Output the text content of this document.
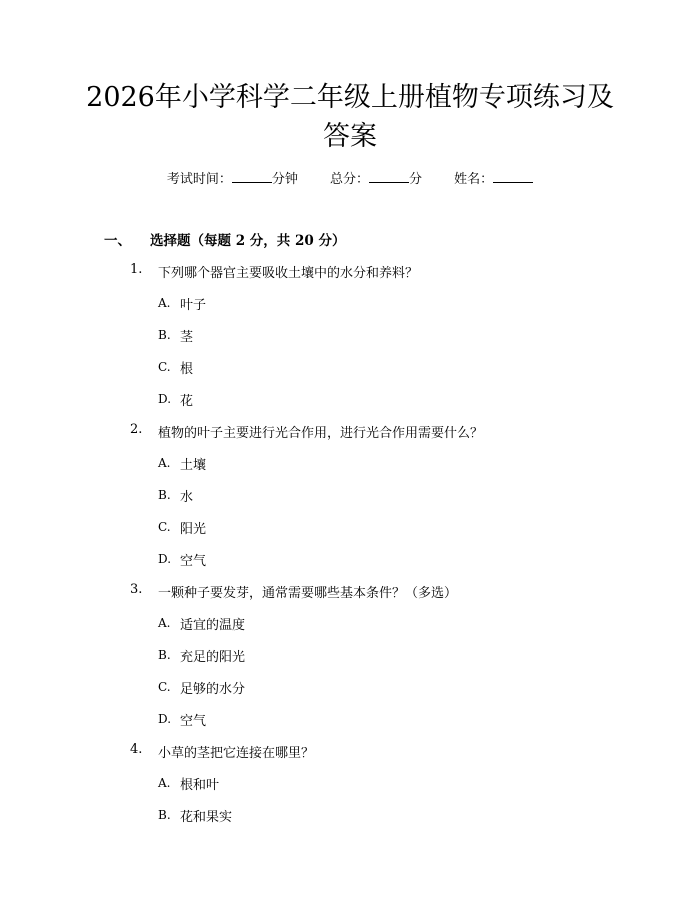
2026年小学科学二年级上册植物专项练习及
答案
考试时间：	分钟 总分：	分 姓名：
一、 选择题（每题 2 分，共 20 分）
1. 下列哪个器官主要吸收土壤中的水分和养料？
A. 叶子
B. 茎
C. 根
D. 花
2. 植物的叶子主要进行光合作用，进行光合作用需要什么？
A. 土壤
B. 水
C. 阳光
D. 空气
3. 一颗种子要发芽，通常需要哪些基本条件？（多选）
A. 适宜的温度
B. 充足的阳光
C. 足够的水分
D. 空气
4. 小草的茎把它连接在哪里？
A. 根和叶
B. 花和果实
